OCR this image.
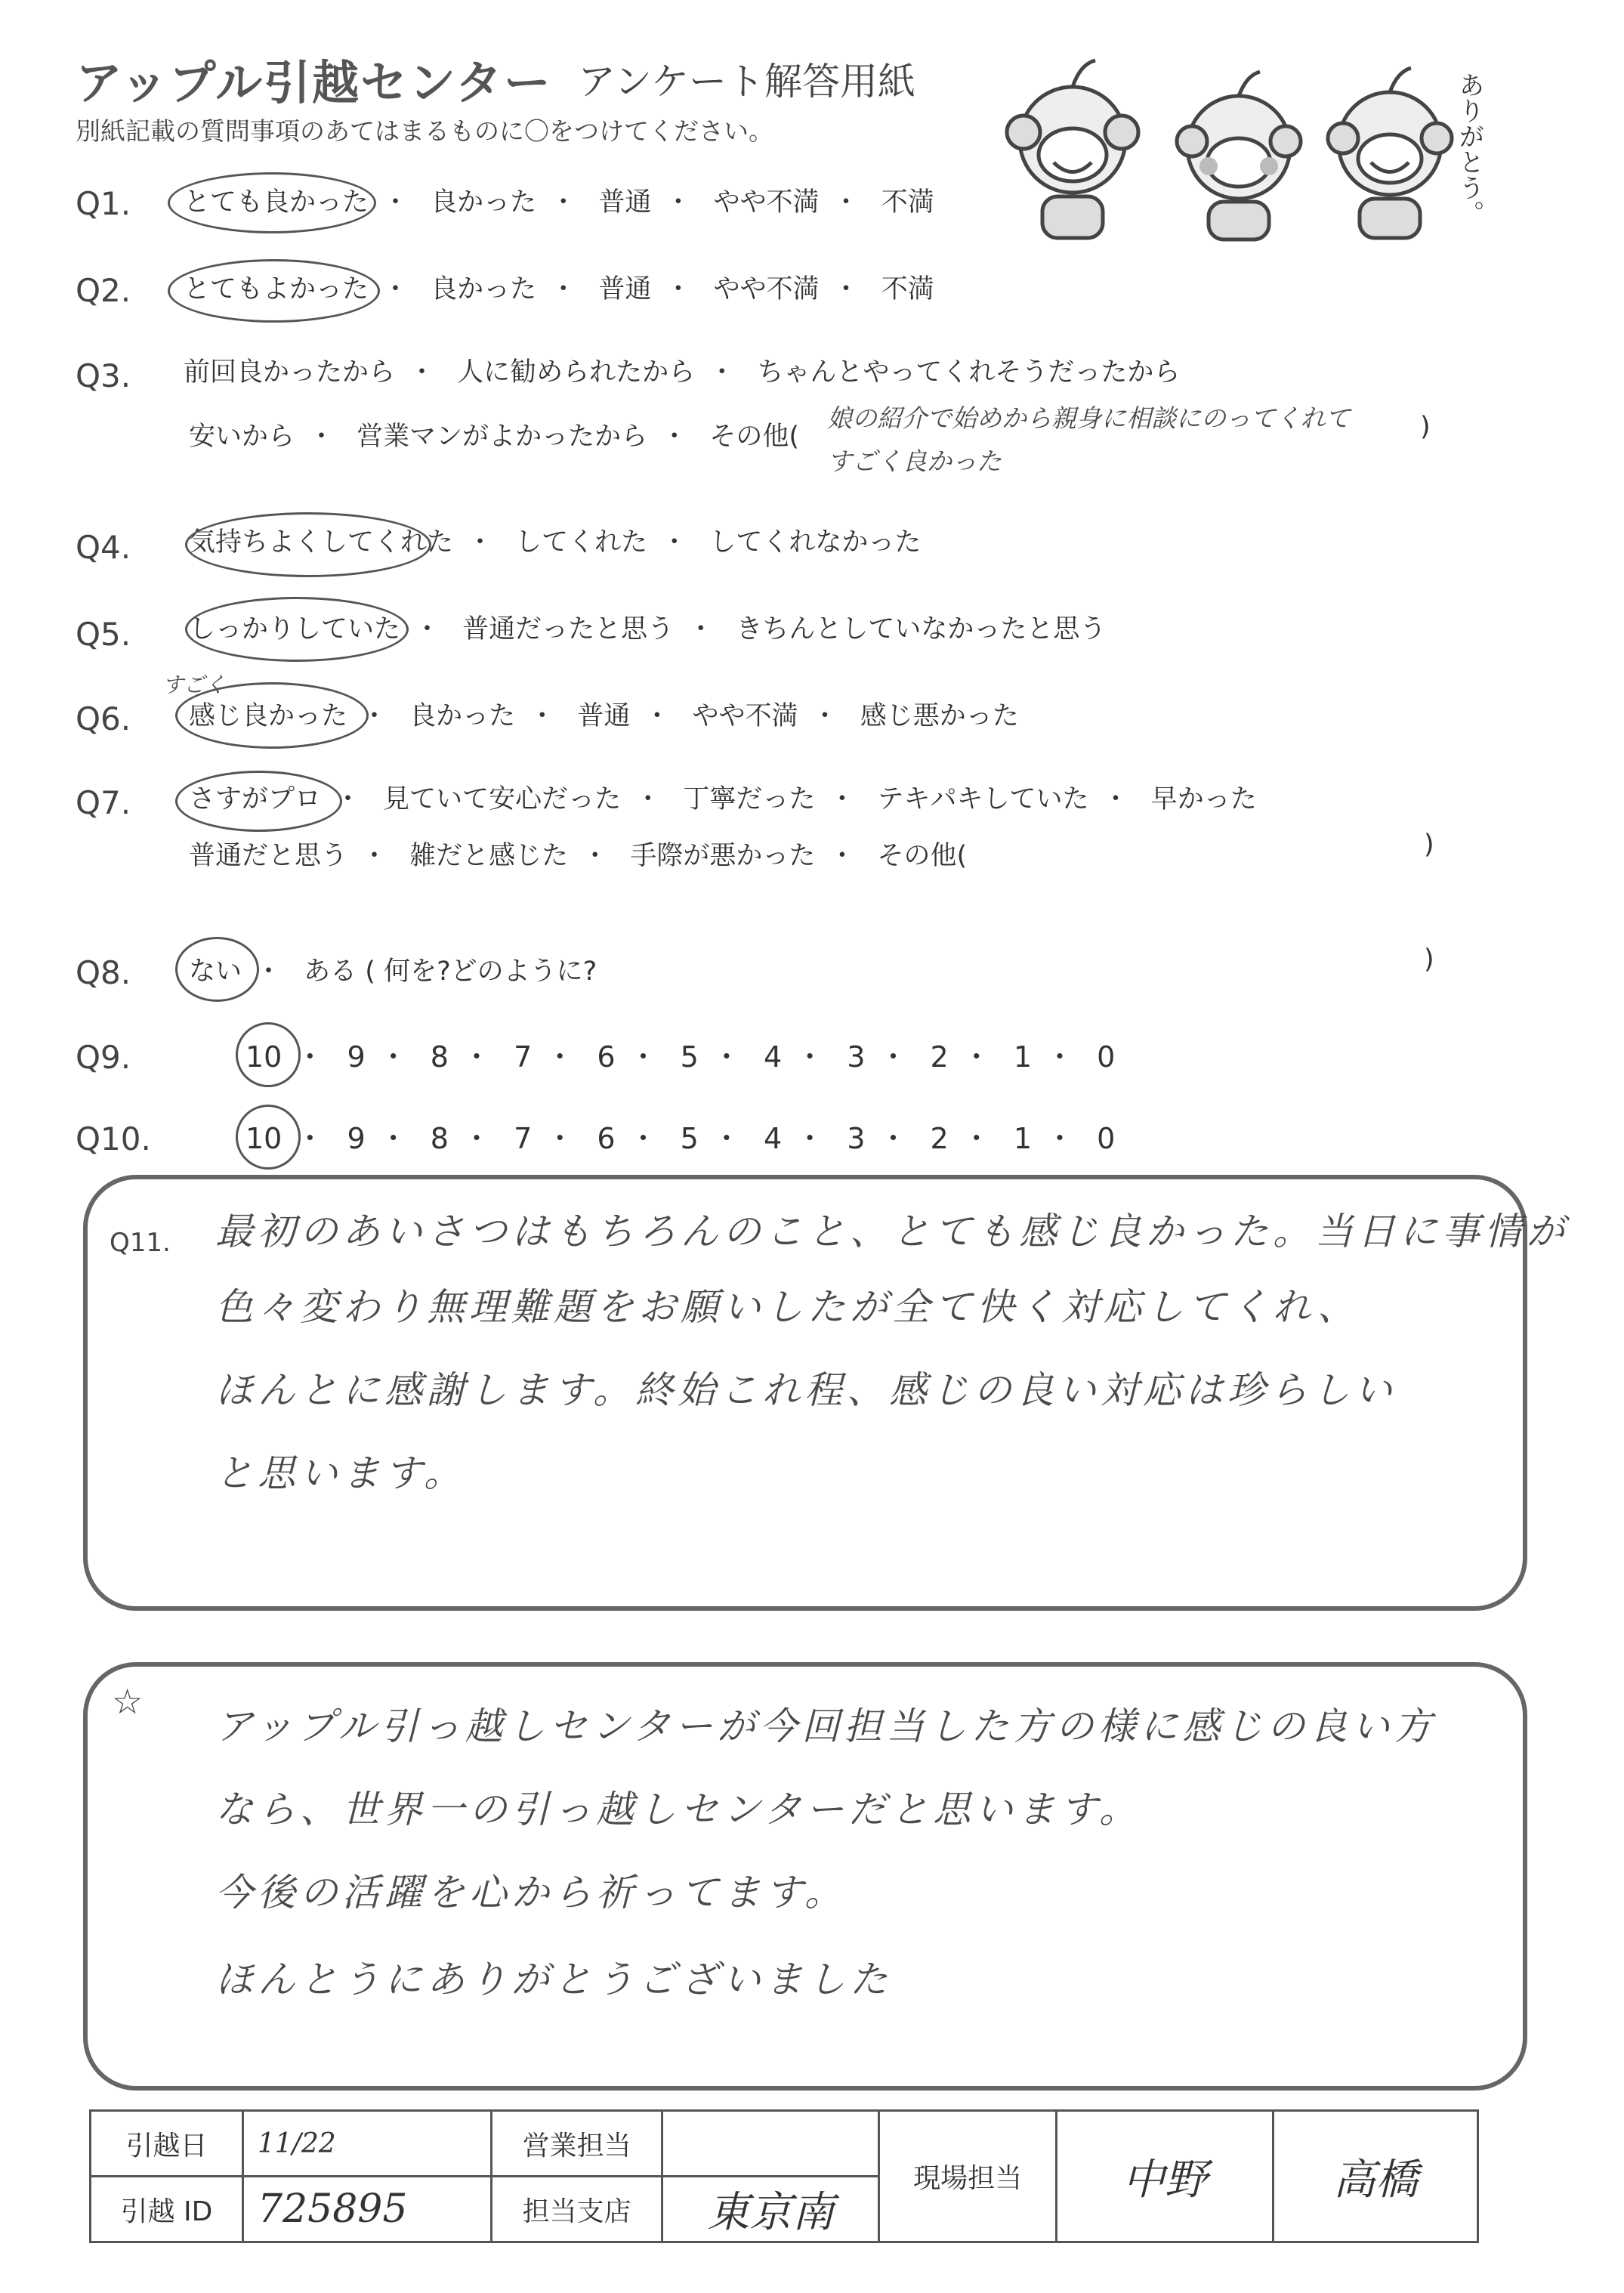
アップル引越センター アンケート解答用紙
別紙記載の質問事項のあてはまるものに〇をつけてください。	ありがとう。
Q1. とても良かった ・ 良かった ・ 普通 ・ やや不満 ・ 不満
Q2. とてもよかった ・ 良かった ・ 普通 ・ やや不満 ・ 不満
Q3. 前回良かったから ・ 人に勧められたから ・ ちゃんとやってくれそうだったから
安いから ・ 営業マンがよかったから ・ その他(
娘の紹介で始めから親身に相談にのってくれて	)
すごく良かった
Q4. 気持ちよくしてくれた ・ してくれた ・ してくれなかった
Q5. しっかりしていた ・ 普通だったと思う ・ きちんとしていなかったと思う
すごく
Q6. 感じ良かった ・ 良かった ・ 普通 ・ やや不満 ・ 感じ悪かった
Q7. さすがプロ ・ 見ていて安心だった ・ 丁寧だった ・ テキパキしていた ・ 早かった
普通だと思う ・ 雑だと感じた ・ 手際が悪かった ・ その他(	)
Q8. ない ・ ある ( 何を?どのように?	)
Q9.	10 ・ 9 ・ 8 ・ 7 ・ 6 ・ 5 ・ 4 ・ 3 ・ 2 ・ 1 ・ 0
Q10.	10 ・ 9 ・ 8 ・ 7 ・ 6 ・ 5 ・ 4 ・ 3 ・ 2 ・ 1 ・ 0
Q11. 最初のあいさつはもちろんのこと、とても感じ良かった。当日に事情が
色々変わり無理難題をお願いしたが全て快く対応してくれ、
ほんとに感謝します。終始これ程、感じの良い対応は珍らしい
と思います。
☆
アップル引っ越しセンターが今回担当した方の様に感じの良い方
なら、世界一の引っ越しセンターだと思います。
今後の活躍を心から祈ってます。
ほんとうにありがとうございました
引越日	11/22	営業担当		現場担当	中野	高橋
引越 ID	725895	担当支店	東京南			
